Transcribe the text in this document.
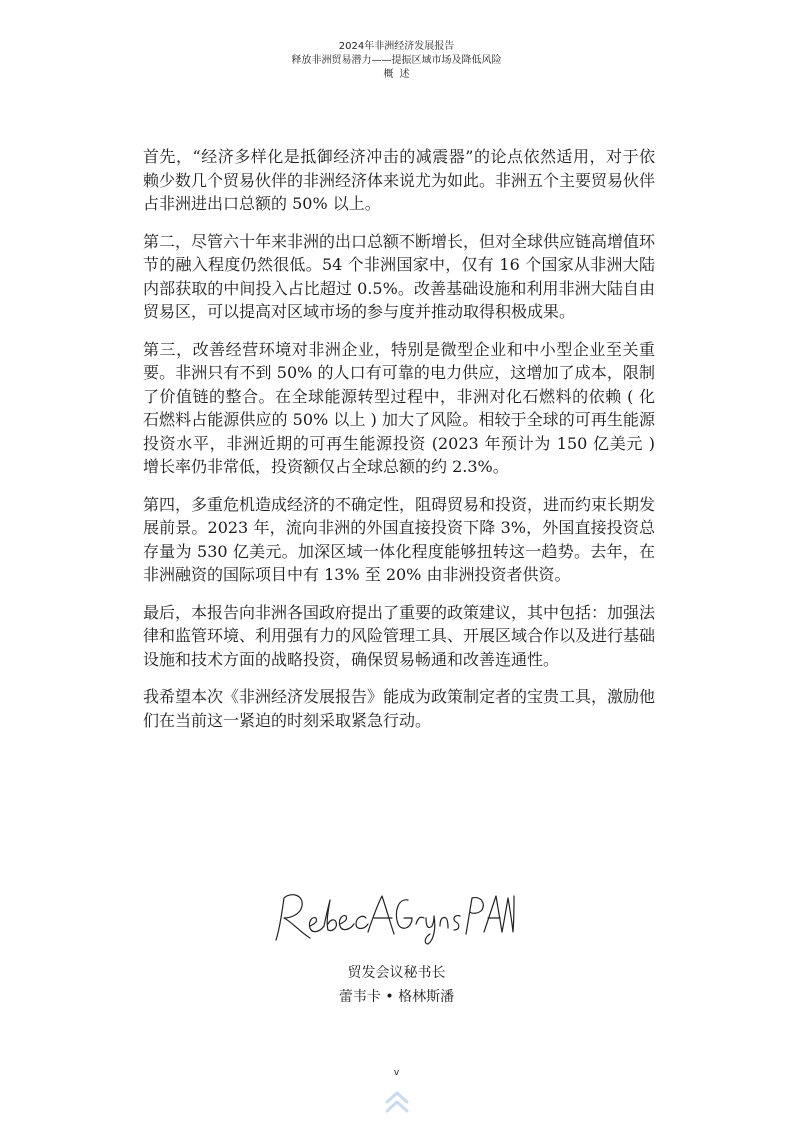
2024年非洲经济发展报告
释放非洲贸易潜力——提振区域市场及降低风险
概述

首先，“经济多样化是抵御经济冲击的减震器”的论点依然适用，对于依赖少数几个贸易伙伴的非洲经济体来说尤为如此。非洲五个主要贸易伙伴占非洲进出口总额的 50% 以上。

第二，尽管六十年来非洲的出口总额不断增长，但对全球供应链高增值环节的融入程度仍然很低。54 个非洲国家中，仅有 16 个国家从非洲大陆内部获取的中间投入占比超过 0.5%。改善基础设施和利用非洲大陆自由贸易区，可以提高对区域市场的参与度并推动取得积极成果。

第三，改善经营环境对非洲企业，特别是微型企业和中小型企业至关重要。非洲只有不到 50% 的人口有可靠的电力供应，这增加了成本，限制了价值链的整合。在全球能源转型过程中，非洲对化石燃料的依赖 ( 化石燃料占能源供应的 50% 以上 ) 加大了风险。相较于全球的可再生能源投资水平，非洲近期的可再生能源投资 (2023 年预计为 150 亿美元 ) 增长率仍非常低，投资额仅占全球总额的约 2.3%。

第四，多重危机造成经济的不确定性，阻碍贸易和投资，进而约束长期发展前景。2023 年，流向非洲的外国直接投资下降 3%，外国直接投资总存量为 530 亿美元。加深区域一体化程度能够扭转这一趋势。去年，在非洲融资的国际项目中有 13% 至 20% 由非洲投资者供资。

最后，本报告向非洲各国政府提出了重要的政策建议，其中包括：加强法律和监管环境、利用强有力的风险管理工具、开展区域合作以及进行基础设施和技术方面的战略投资，确保贸易畅通和改善连通性。

我希望本次《非洲经济发展报告》能成为政策制定者的宝贵工具，激励他们在当前这一紧迫的时刻采取紧急行动。

贸发会议秘书长
蕾韦卡 • 格林斯潘
v
